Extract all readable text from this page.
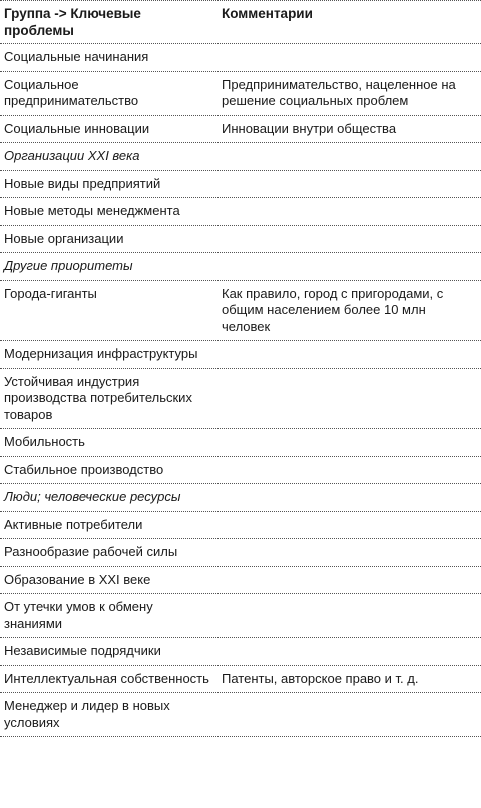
Группа -> Ключевые проблемы	Комментарии
Социальные начинания	
Социальное предпринимательство	Предпринимательство, нацеленное на решение социальных проблем
Социальные инновации	Инновации внутри общества
Организации XXI века	
Новые виды предприятий	
Новые методы менеджмента	
Новые организации	
Другие приоритеты	
Города-гиганты	Как правило, город с пригородами, с общим населением более 10 млн человек
Модернизация инфраструктуры	
Устойчивая индустрия производства потребительских товаров	
Мобильность	
Стабильное производство	
Люди; человеческие ресурсы	
Активные потребители	
Разнообразие рабочей силы	
Образование в XXI веке	
От утечки умов к обмену знаниями	
Независимые подрядчики	
Интеллектуальная собственность	Патенты, авторское право и т. д.
Менеджер и лидер в новых условиях	
